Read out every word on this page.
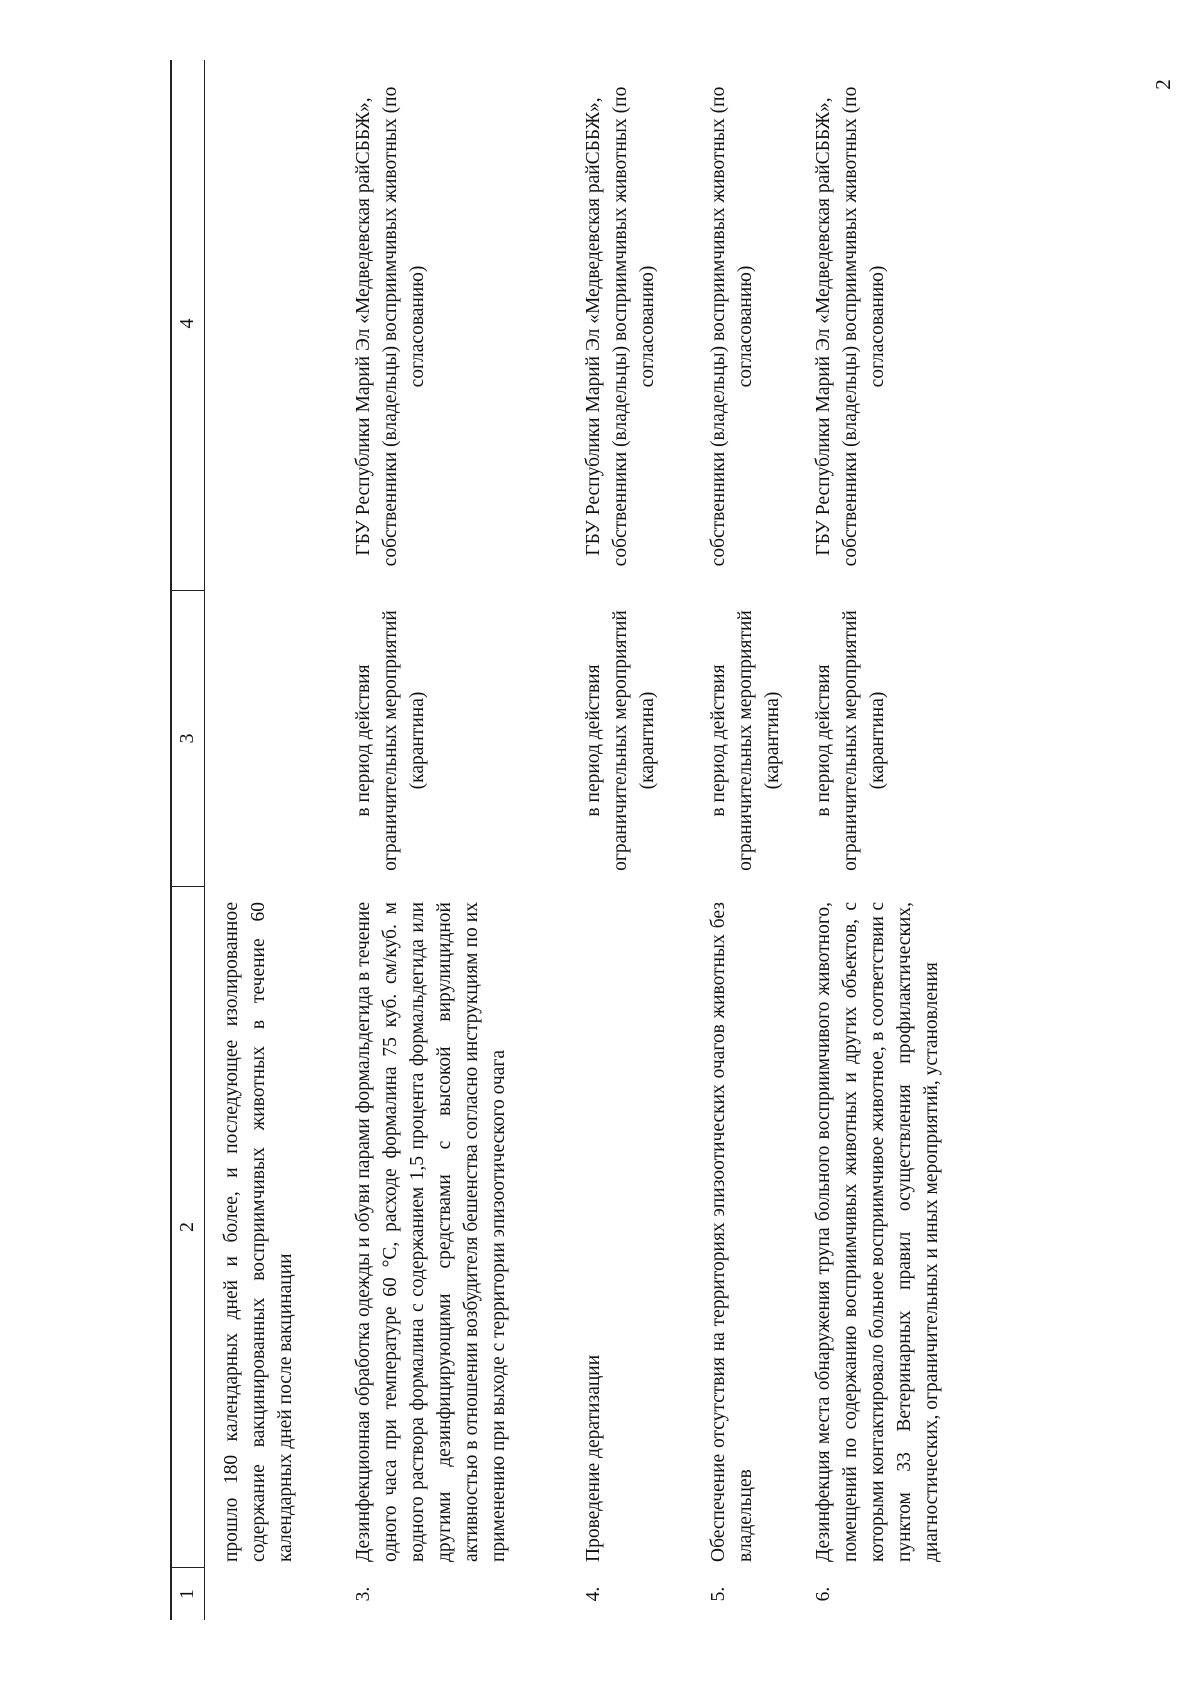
2
1
2
3
4
прошло 180 календарных дней и более, и последующее изолированное содержание вакцинированных восприимчивых животных в течение 60 календарных дней после вакцинации
3.
Дезинфекционная обработка одежды и обуви парами формальдегида в течение одного часа при температуре 60 °С, расходе формалина 75 куб. см/куб. м водного раствора формалина с содержанием 1,5 процента формальдегида или другими дезинфицирующими средствами с высокой вирулицидной активностью в отношении возбудителя бешенства согласно инструкциям по их применению при выходе с территории эпизоотического очага
в период действия ограничительных мероприятий (карантина)
ГБУ Республики Марий Эл «Медведевская райСББЖ», собственники (владельцы) восприимчивых животных (по согласованию)
4.
Проведение дератизации
в период действия ограничительных мероприятий (карантина)
ГБУ Республики Марий Эл «Медведевская райСББЖ», собственники (владельцы) восприимчивых животных (по согласованию)
5.
Обеспечение отсутствия на территориях эпизоотических очагов животных без владельцев
в период действия ограничительных мероприятий (карантина)
собственники (владельцы) восприимчивых животных (по согласованию)
6.
Дезинфекция места обнаружения трупа больного восприимчивого животного, помещений по содержанию восприимчивых животных и других объектов, с которыми контактировало больное восприимчивое животное, в соответствии с пунктом 33 Ветеринарных правил осуществления профилактических, диагностических, ограничительных и иных мероприятий, установления
в период действия ограничительных мероприятий (карантина)
ГБУ Республики Марий Эл «Медведевская райСББЖ», собственники (владельцы) восприимчивых животных (по согласованию)
